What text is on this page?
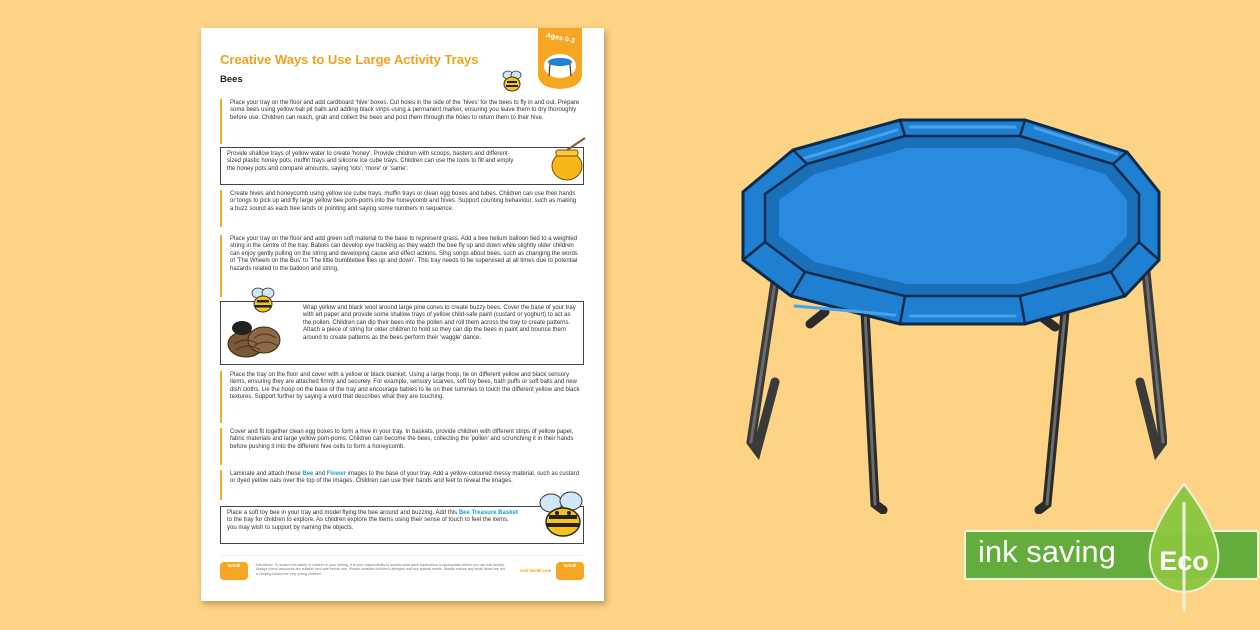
Creative Ways to Use Large Activity Trays
Bees
Ages 0-3

Place your tray on the floor and add cardboard 'hive' boxes. Cut holes in the side of the 'hives' for the bees to fly in and out. Prepare some bees using yellow ball pit balls and adding black strips using a permanent marker, ensuring you leave them to dry thoroughly before use. Children can reach, grab and collect the bees and post them through the holes to return them to their hive.

Provide shallow trays of yellow water to create 'honey'. Provide children with scoops, basters and different-sized plastic honey pots, muffin trays and silicone ice cube trays. Children can use the tools to fill and empty the honey pots and compare amounts, saying 'lots', 'more' or 'same'.

Create hives and honeycomb using yellow ice cube trays, muffin trays or clean egg boxes and tubes. Children can use their hands or tongs to pick up and fly large yellow bee pom-poms into the honeycomb and hives. Support counting behaviour, such as making a buzz sound as each bee lands or pointing and saying some numbers in sequence.

Place your tray on the floor and add green soft material to the base to represent grass. Add a bee helium balloon tied to a weighted string in the centre of the tray. Babies can develop eye tracking as they watch the bee fly up and down while slightly older children can enjoy gently pulling on the string and developing cause and effect actions. Sing songs about bees, such as changing the words of 'The Wheels on the Bus' to 'The little bumblebee flies up and down'. This tray needs to be supervised at all times due to potential hazards related to the balloon and string.

Wrap yellow and black wool around large pine cones to create buzzy bees. Cover the base of your tray with art paper and provide some shallow trays of yellow child-safe paint (custard or yoghurt) to act as the pollen. Children can dip their bees into the pollen and roll them across the tray to create patterns. Attach a piece of string for older children to hold so they can dip the bees in paint and bounce them around to create patterns as the bees perform their 'waggle' dance.

Place the tray on the floor and cover with a yellow or black blanket. Using a large hoop, tie on different yellow and black sensory items, ensuring they are attached firmly and securely. For example, sensory scarves, soft toy bees, bath puffs or soft balls and new dish cloths. Lie the hoop on the base of the tray and encourage babies to lie on their tummies to touch the different yellow and black textures. Support further by saying a word that describes what they are touching.

Cover and fit together clean egg boxes to form a hive in your tray. In baskets, provide children with different strips of yellow paper, fabric materials and large yellow pom-poms. Children can become the bees, collecting the 'pollen' and scrunching it in their hands before pushing it into the different hive cells to form a honeycomb.

Laminate and attach these Bee and Flower images to the base of your tray. Add a yellow-coloured messy material, such as custard or dyed yellow oats over the top of the images. Children can use their hands and feet to reveal the images.

Place a soft toy bee in your tray and model flying the bee around and buzzing. Add this Bee Treasure Basket to the tray for children to explore. As children explore the items using their sense of touch to feel the items, you may wish to support by naming the objects.

twinkl	Disclaimer: To ensure the safety of children in your setting, it is your responsibility to assess what adult supervision is appropriate before you use this activity. Always check resources are suitable and safe before use. Please consider children's allergies and any special needs. Always ensure any small items are not a choking hazard for very young children.

visit twinkl.com
twinkl	ink saving Eco
